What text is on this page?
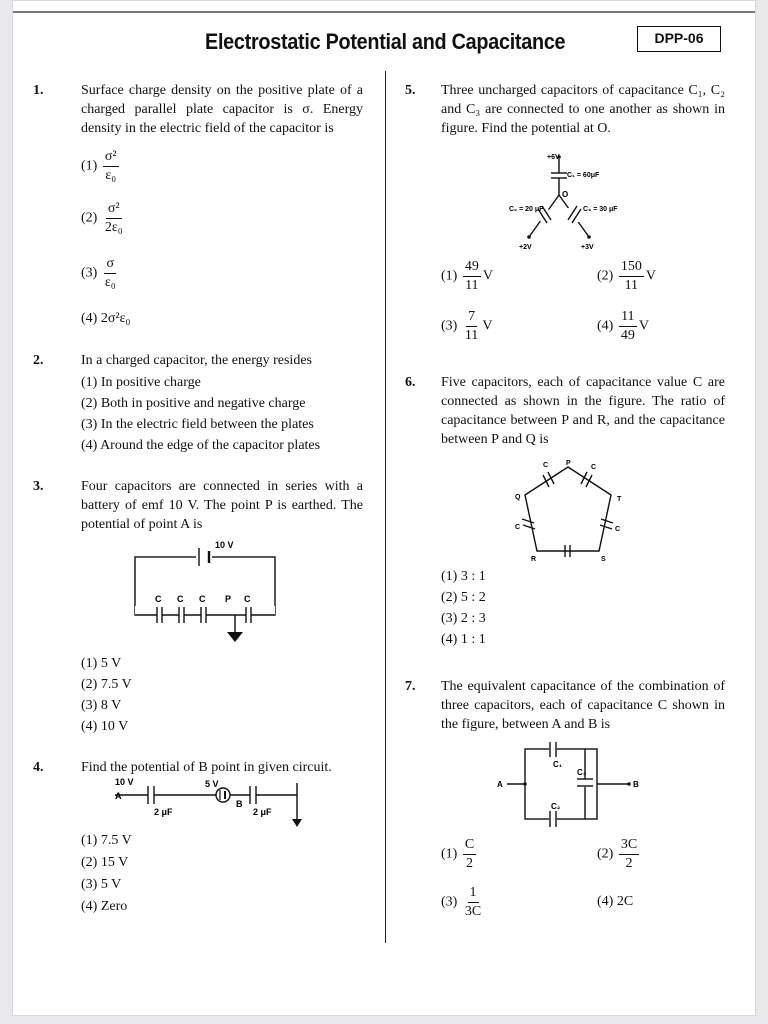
Electrostatic Potential and Capacitance	DPP-06
1.	Surface charge density on the positive plate of a charged parallel plate capacitor is σ. Energy density in the electric field of the capacitor is
$(1) \frac{\text{σ²}}{\text{ε₀}}$
$(2) \frac{\text{σ²}}{\text{2ε₀}}$
$(3) \frac{\sigma}{\text{ε₀}}$
(4) 2σ²ε₀
2.	In a charged capacitor, the energy resides
(1) In positive charge
(2) Both in positive and negative charge
(3) In the electric field between the plates
(4) Around the edge of the capacitor plates
3.	Four capacitors are connected in series with a battery of emf 10 V. The point P is earthed. The potential of point A is
10 V
C C C P C
(1) 5 V
(2) 7.5 V
(3) 8 V
(4) 10 V
4.	Find the potential of B point in given circuit.
10 V
A
5 V
B
2 μF	2 μF
(1) 7.5 V
(2) 15 V
(3) 5 V
(4) Zero
5. Three uncharged capacitors of capacitance C₁, C₂ and C₃ are connected to one another as shown in figure. Find the potential at O.
+6V
C₁ = 60μF
C₂ = 20 μF	C₃ = 30 μF
O
+2V	+3V
$(1) \frac{49}{11}$ V	$(2) \frac{150}{11}$ V
$(3) \frac{7}{11}$ V	$(4) \frac{11}{49}$ V
6. Five capacitors, each of capacitance value C are connected as shown in the figure. The ratio of capacitance between P and R, and the capacitance between P and Q is
C	C
C	C
P
Q	T
R	S
(1) 3 : 1
(2) 5 : 2
(3) 2 : 3
(4) 1 : 1
7. The equivalent capacitance of the combination of three capacitors, each of capacitance C shown in the figure, between A and B is
A	B
C₁
C₃
C₂
$(1) \frac{C}{2}$	$(2) \frac{3C}{2}$
$(3) \frac{1}{3C}$	(4) 2C
